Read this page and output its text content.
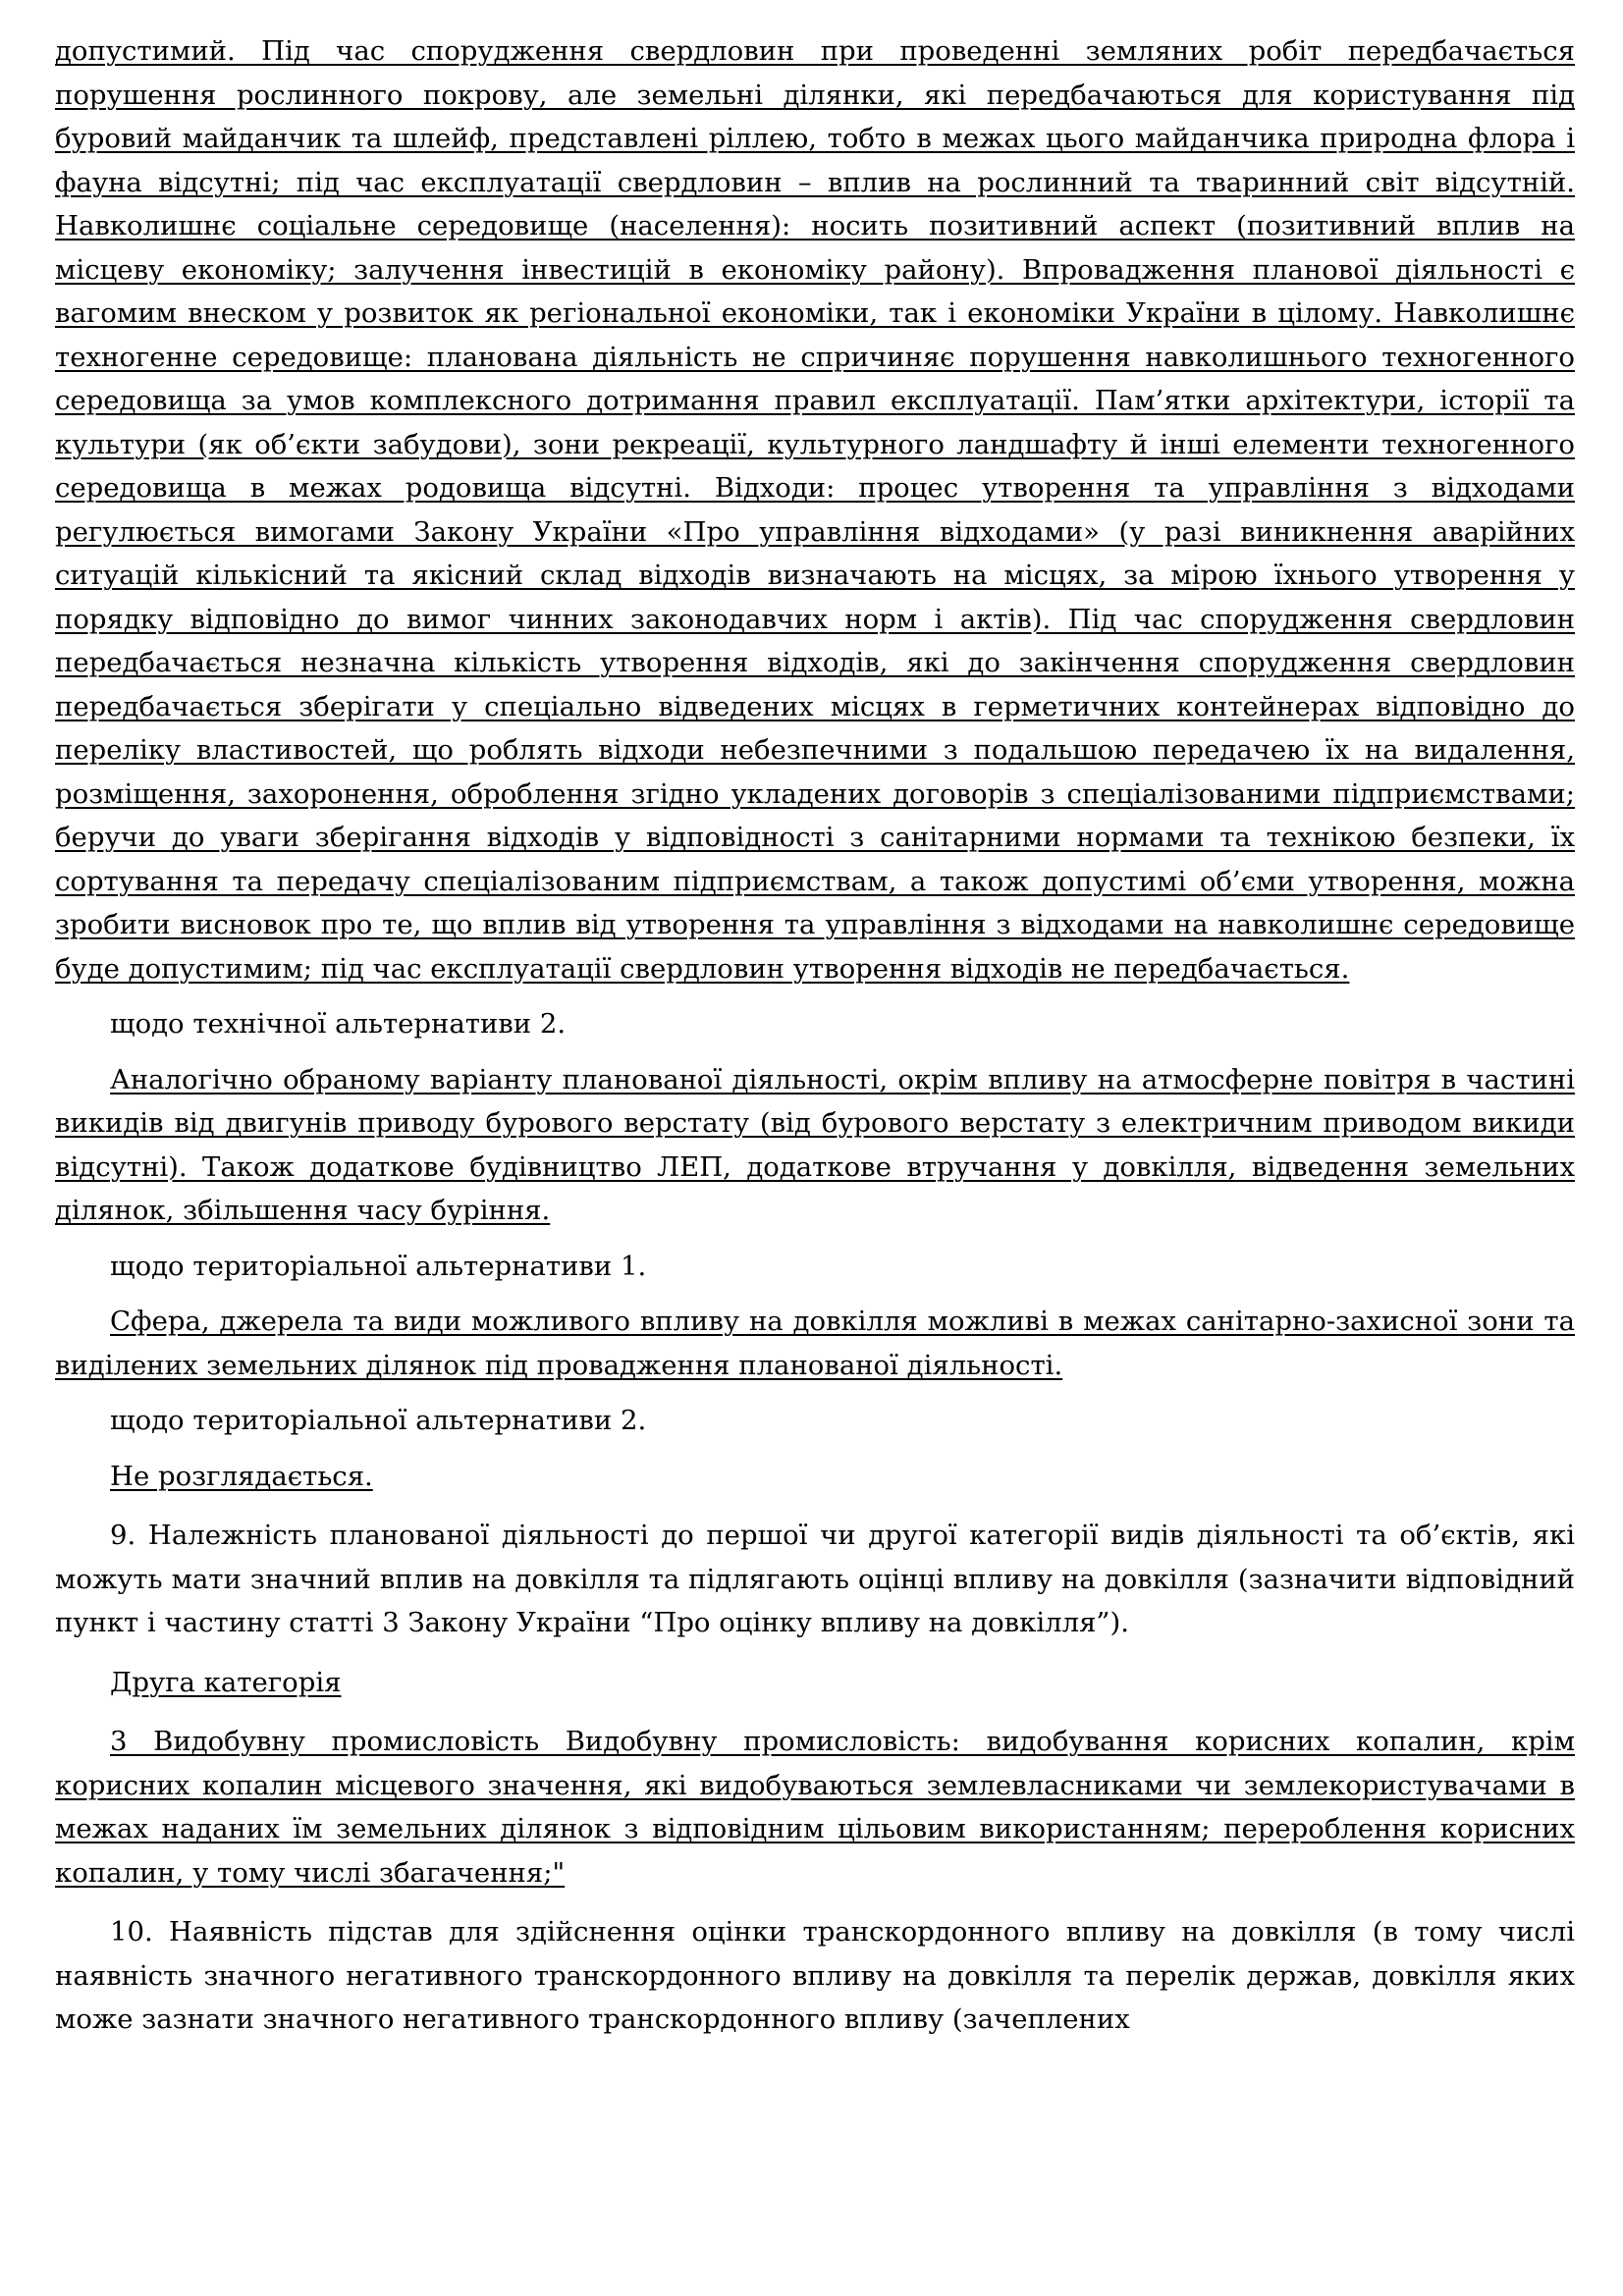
допустимий. Під час спорудження свердловин при проведенні земляних робіт передбачається порушення рослинного покрову, але земельні ділянки, які передбачаються для користування під буровий майданчик та шлейф, представлені ріллею, тобто в межах цього майданчика природна флора і фауна відсутні; під час експлуатації свердловин – вплив на рослинний та тваринний світ відсутній. Навколишнє соціальне середовище (населення): носить позитивний аспект (позитивний вплив на місцеву економіку; залучення інвестицій в економіку району). Впровадження планової діяльності є вагомим внеском у розвиток як регіональної економіки, так і економіки України в цілому. Навколишнє техногенне середовище: планована діяльність не спричиняє порушення навколишнього техногенного середовища за умов комплексного дотримання правил експлуатації. Пам’ятки архітектури, історії та культури (як об’єкти забудови), зони рекреації, культурного ландшафту й інші елементи техногенного середовища в межах родовища відсутні. Відходи: процес утворення та управління з відходами регулюється вимогами Закону України «Про управління відходами» (у разі виникнення аварійних ситуацій кількісний та якісний склад відходів визначають на місцях, за мірою їхнього утворення у порядку відповідно до вимог чинних законодавчих норм і актів). Під час спорудження свердловин передбачається незначна кількість утворення відходів, які до закінчення спорудження свердловин передбачається зберігати у спеціально відведених місцях в герметичних контейнерах відповідно до переліку властивостей, що роблять відходи небезпечними з подальшою передачею їх на видалення, розміщення, захоронення, оброблення згідно укладених договорів з спеціалізованими підприємствами; беручи до уваги зберігання відходів у відповідності з санітарними нормами та технікою безпеки, їх сортування та передачу спеціалізованим підприємствам, а також допустимі об’єми утворення, можна зробити висновок про те, що вплив від утворення та управління з відходами на навколишнє середовище буде допустимим; під час експлуатації свердловин утворення відходів не передбачається.

щодо технічної альтернативи 2.

Аналогічно обраному варіанту планованої діяльності, окрім впливу на атмосферне повітря в частині викидів від двигунів приводу бурового верстату (від бурового верстату з електричним приводом викиди відсутні). Також додаткове будівництво ЛЕП, додаткове втручання у довкілля, відведення земельних ділянок, збільшення часу буріння.

щодо територіальної альтернативи 1.

Сфера, джерела та види можливого впливу на довкілля можливі в межах санітарно-захисної зони та виділених земельних ділянок під провадження планованої діяльності.

щодо територіальної альтернативи 2.

Не розглядається.

9. Належність планованої діяльності до першої чи другої категорії видів діяльності та об’єктів, які можуть мати значний вплив на довкілля та підлягають оцінці впливу на довкілля (зазначити відповідний пункт і частину статті 3 Закону України “Про оцінку впливу на довкілля”).

Друга категорія

3 Видобувну промисловість Видобувну промисловість: видобування корисних копалин, крім корисних копалин місцевого значення, які видобуваються землевласниками чи землекористувачами в межах наданих їм земельних ділянок з відповідним цільовим використанням; перероблення корисних копалин, у тому числі збагачення;"

10. Наявність підстав для здійснення оцінки транскордонного впливу на довкілля (в тому числі наявність значного негативного транскордонного впливу на довкілля та перелік держав, довкілля яких може зазнати значного негативного транскордонного впливу (зачеплених
